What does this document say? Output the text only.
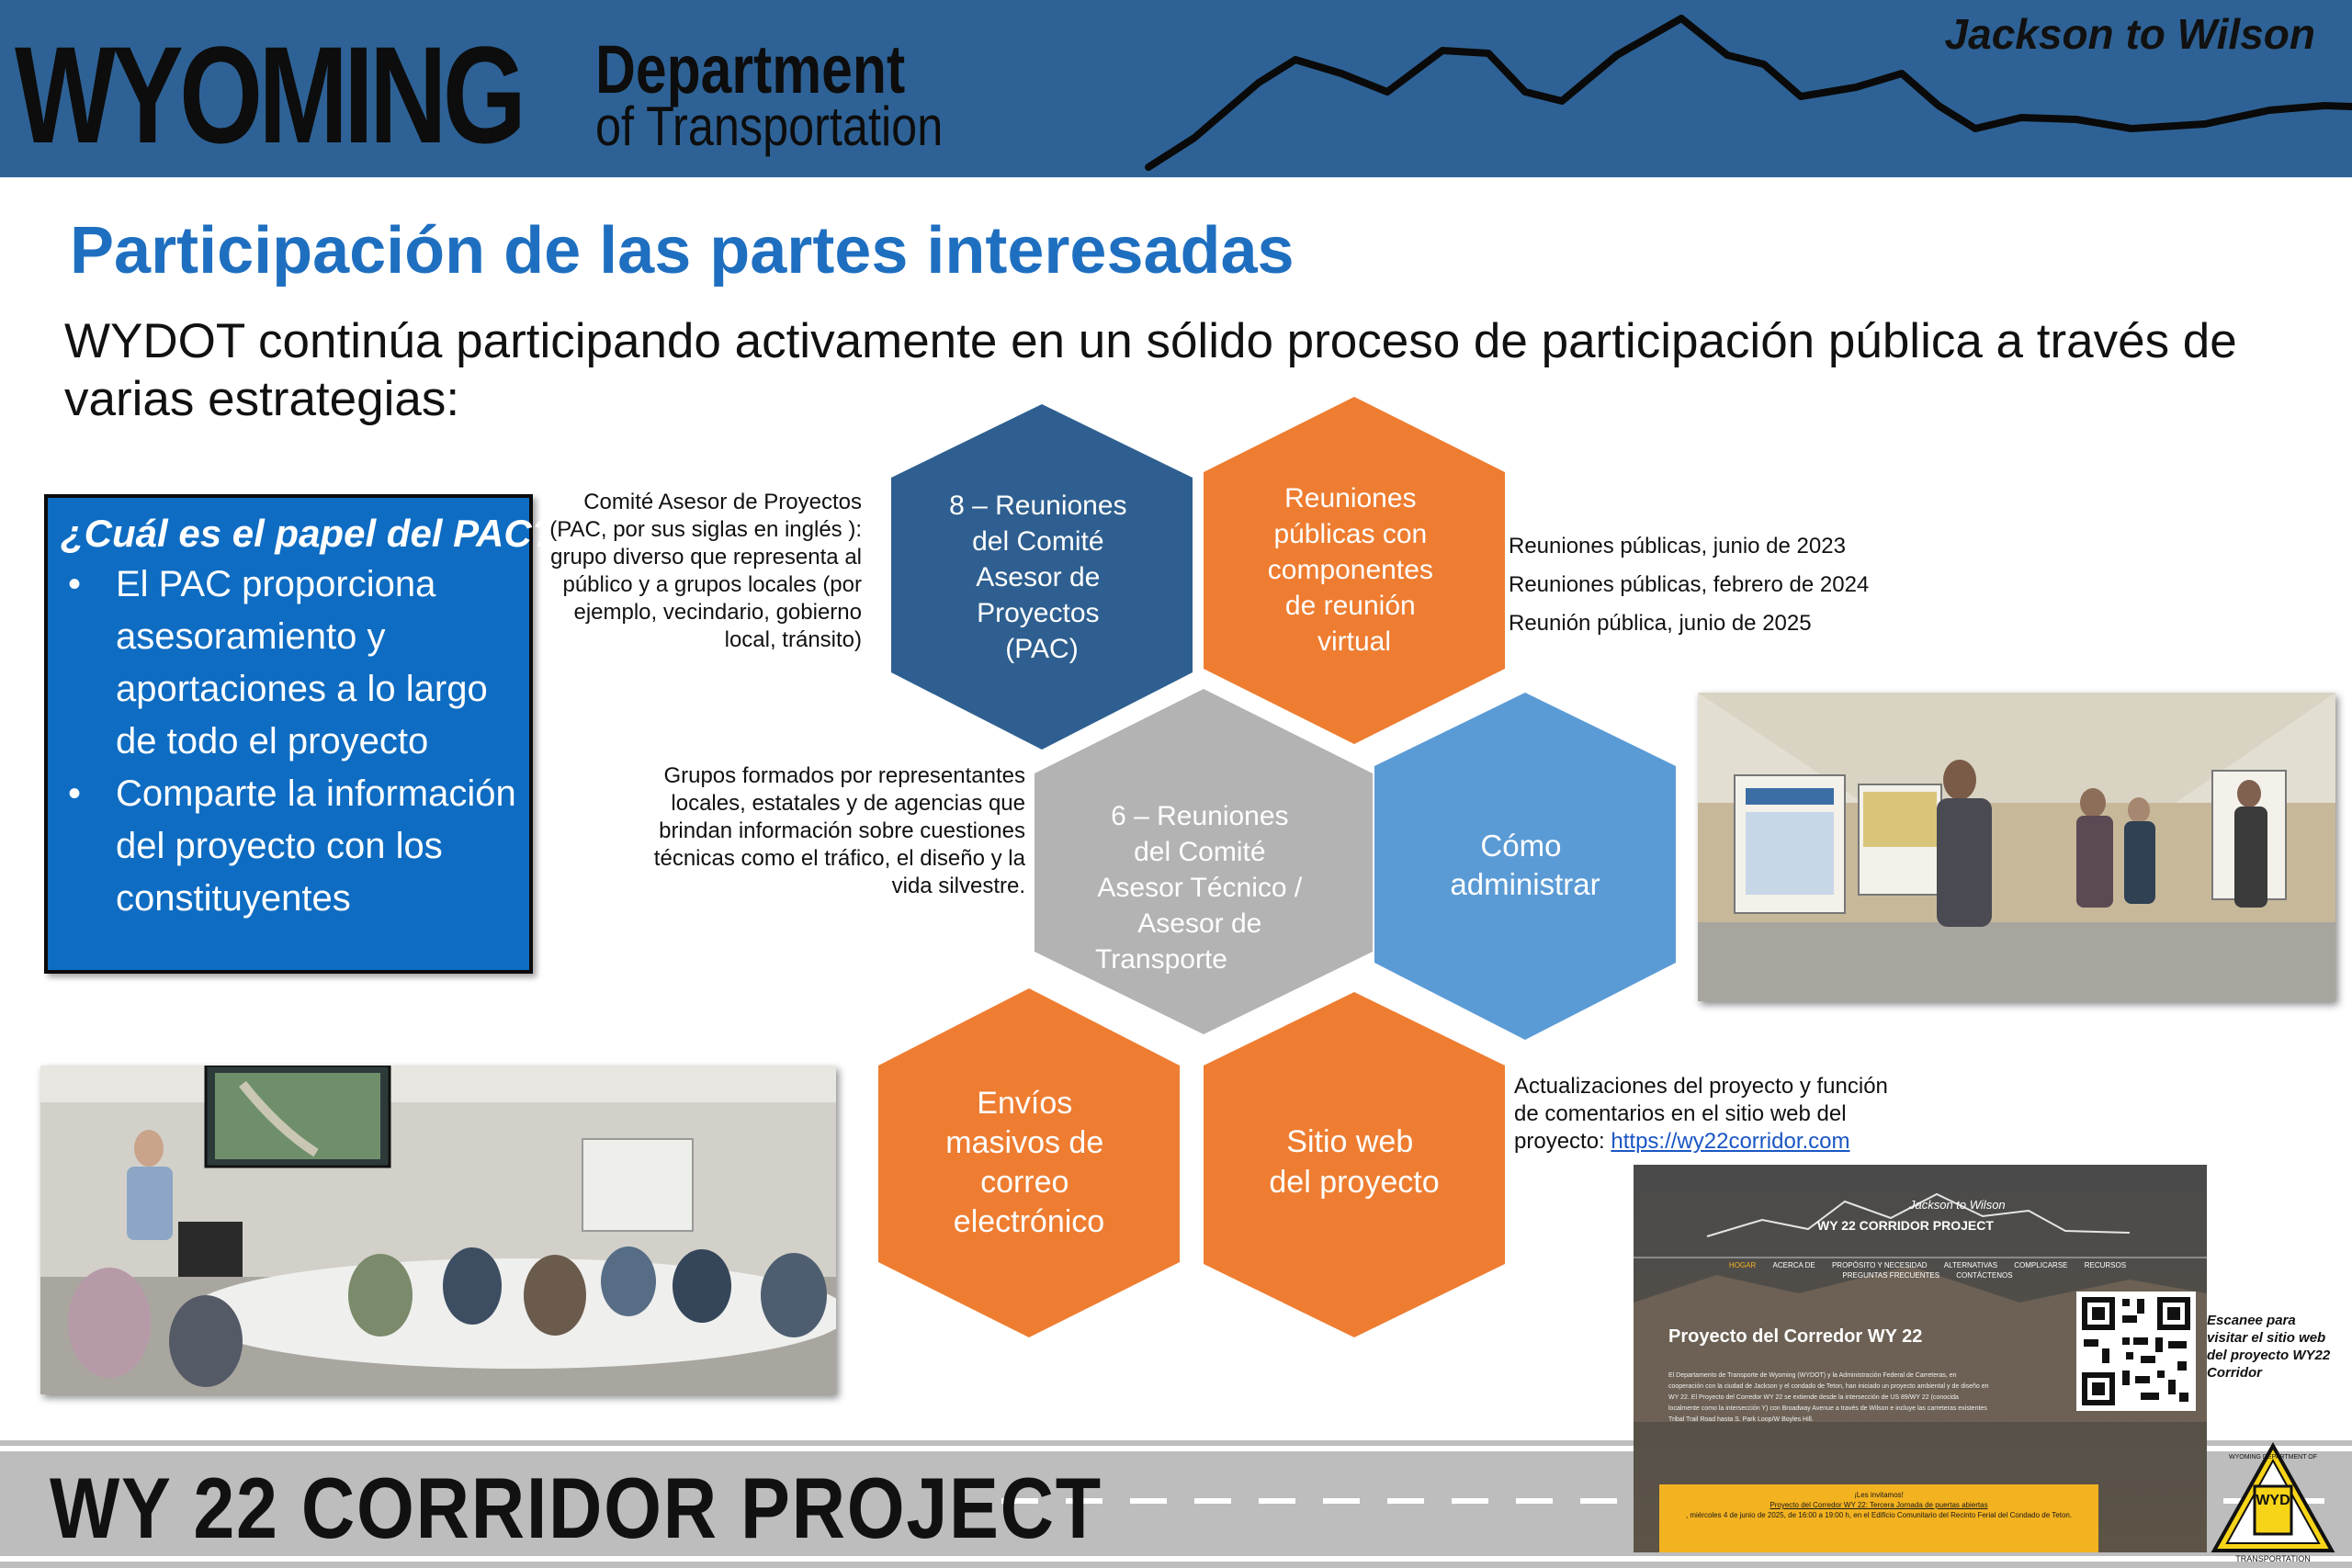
WYOMING Department
of Transportation
Jackson to Wilson
Participación de las partes interesadas
WYDOT continúa participando activamente en un sólido proceso de participación pública a través de varias estrategias:
¿Cuál es el papel del PAC?
• El PAC proporciona asesoramiento y aportaciones a lo largo de todo el proyecto
• Comparte la información del proyecto con los constituyentes
Comité Asesor de Proyectos (PAC, por sus siglas en inglés ): grupo diverso que representa al público y a grupos locales (por ejemplo, vecindario, gobierno local, tránsito)
Grupos formados por representantes locales, estatales y de agencias que brindan información sobre cuestiones técnicas como el tráfico, el diseño y la vida silvestre.
Reuniones públicas, junio de 2023
Reuniones públicas, febrero de 2024
Reunión pública, junio de 2025
Actualizaciones del proyecto y función de comentarios en el sitio web del proyecto: https://wy22corridor.com
8 – Reuniones del Comité Asesor de Proyectos (PAC)
Reuniones públicas con componentes de reunión virtual
6 – Reuniones del Comité Asesor Técnico / Asesor de Transporte
Cómo administrar
Envíos masivos de correo electrónico
Sitio web del proyecto
WY 22 CORRIDOR PROJECT
Jackson to Wilson
WY 22 CORRIDOR PROJECT
HOGAR ACERCA DE PROPÓSITO Y NECESIDAD ALTERNATIVAS COMPLICARSE RECURSOS
PREGUNTAS FRECUENTES CONTÁCTENOS
Proyecto del Corredor WY 22
El Departamento de Transporte de Wyoming (WYDOT) y la Administración Federal de Carreteras, en cooperación con la ciudad de Jackson y el condado de Teton, han iniciado un proyecto ambiental y de diseño en WY 22. El Proyecto del Corredor WY 22 se extiende desde la intersección de US 89/WY 22 (conocida localmente como la intersección Y) con Broadway Avenue a través de Wilson e incluye las carreteras existentes Tribal Trail Road hasta S. Park Loop/W Boyles Hill.
¡Les invitamos!
Proyecto del Corredor WY 22: Tercera Jornada de puertas abiertas
, miércoles 4 de junio de 2025, de 16:00 a 19:00 h, en el Edificio Comunitario del Recinto Ferial del Condado de Teton.
Escanee para visitar el sitio web del proyecto WY22 Corridor
WYD
TRANSPORTATION
WYOMING DEPARTMENT OF
